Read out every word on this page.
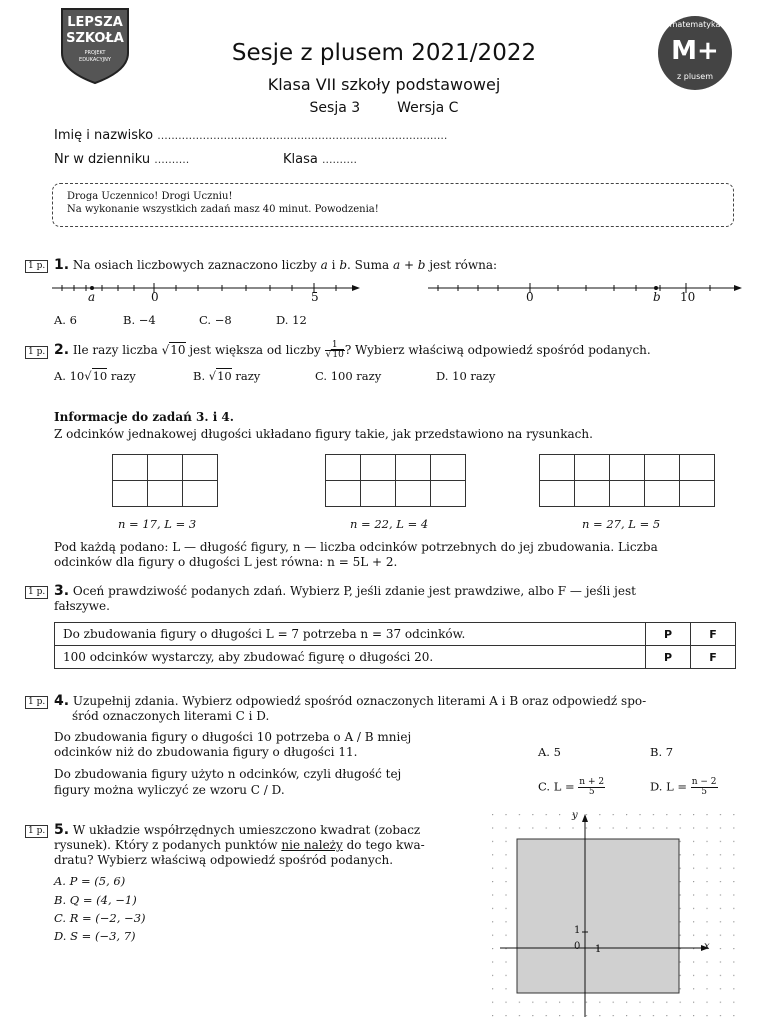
LEPSZA
SZKOŁA
PROJEKT
EDUKACYJNY	M+
matematyka
z plusem
Sesje z plusem 2021/2022
Klasa VII szkoły podstawowej
Sesja 3	Wersja C
Imię i nazwisko ...................................................................................
Nr w dzienniku ..........	Klasa ..........
Droga Uczennico! Drogi Uczniu!
Na wykonanie wszystkich zadań masz 40 minut. Powodzenia!
1 p. 1. Na osiach liczbowych zaznaczono liczby a i b. Suma a + b jest równa:
a	0	5	0	b 10
A. 6	B. −4	C. −8	D. 12
1 p. 2. Ile razy liczba √10 jest większa od liczby $\frac{1}{√10}$ ? Wybierz właściwą odpowiedź spośród podanych.
A. 10√10 razy	B. √10 razy	C. 100 razy	D. 10 razy
Informacje do zadań 3. i 4.
Z odcinków jednakowej długości układano figury takie, jak przedstawiono na rysunkach.

n = 17, L = 3	n = 22, L = 4	n = 27, L = 5
Pod każdą podano: L — długość figury, n — liczba odcinków potrzebnych do jej zbudowania. Liczba
odcinków dla figury o długości L jest równa: n = 5L + 2.
1 p. 3. Oceń prawdziwość podanych zdań. Wybierz P, jeśli zdanie jest prawdziwe, albo F — jeśli jest
fałszywe.
Do zbudowania figury o długości L = 7 potrzeba n = 37 odcinków.	P	F
100 odcinków wystarczy, aby zbudować figurę o długości 20.	P	F
1 p. 4. Uzupełnij zdania. Wybierz odpowiedź spośród oznaczonych literami A i B oraz odpowiedź spo-
śród oznaczonych literami C i D.
Do zbudowania figury o długości 10 potrzeba o A / B mniej
odcinków niż do zbudowania figury o długości 11.	A. 5	B. 7
Do zbudowania figury użyto n odcinków, czyli długość tej
figury można wyliczyć ze wzoru C / D.	C. $L = \frac{n + 2}{5}$	D. $L = \frac{n - 2}{5}$
1 p. 5. W układzie współrzędnych umieszczono kwadrat (zobacz
rysunek). Który z podanych punktów nie należy do tego kwa-
dratu? Wybierz właściwą odpowiedź spośród podanych.
A. P = (5, 6)
B. Q = (4, −1)
C. R = (−2, −3)
D. S = (−3, 7)
y
x
1
0 1
